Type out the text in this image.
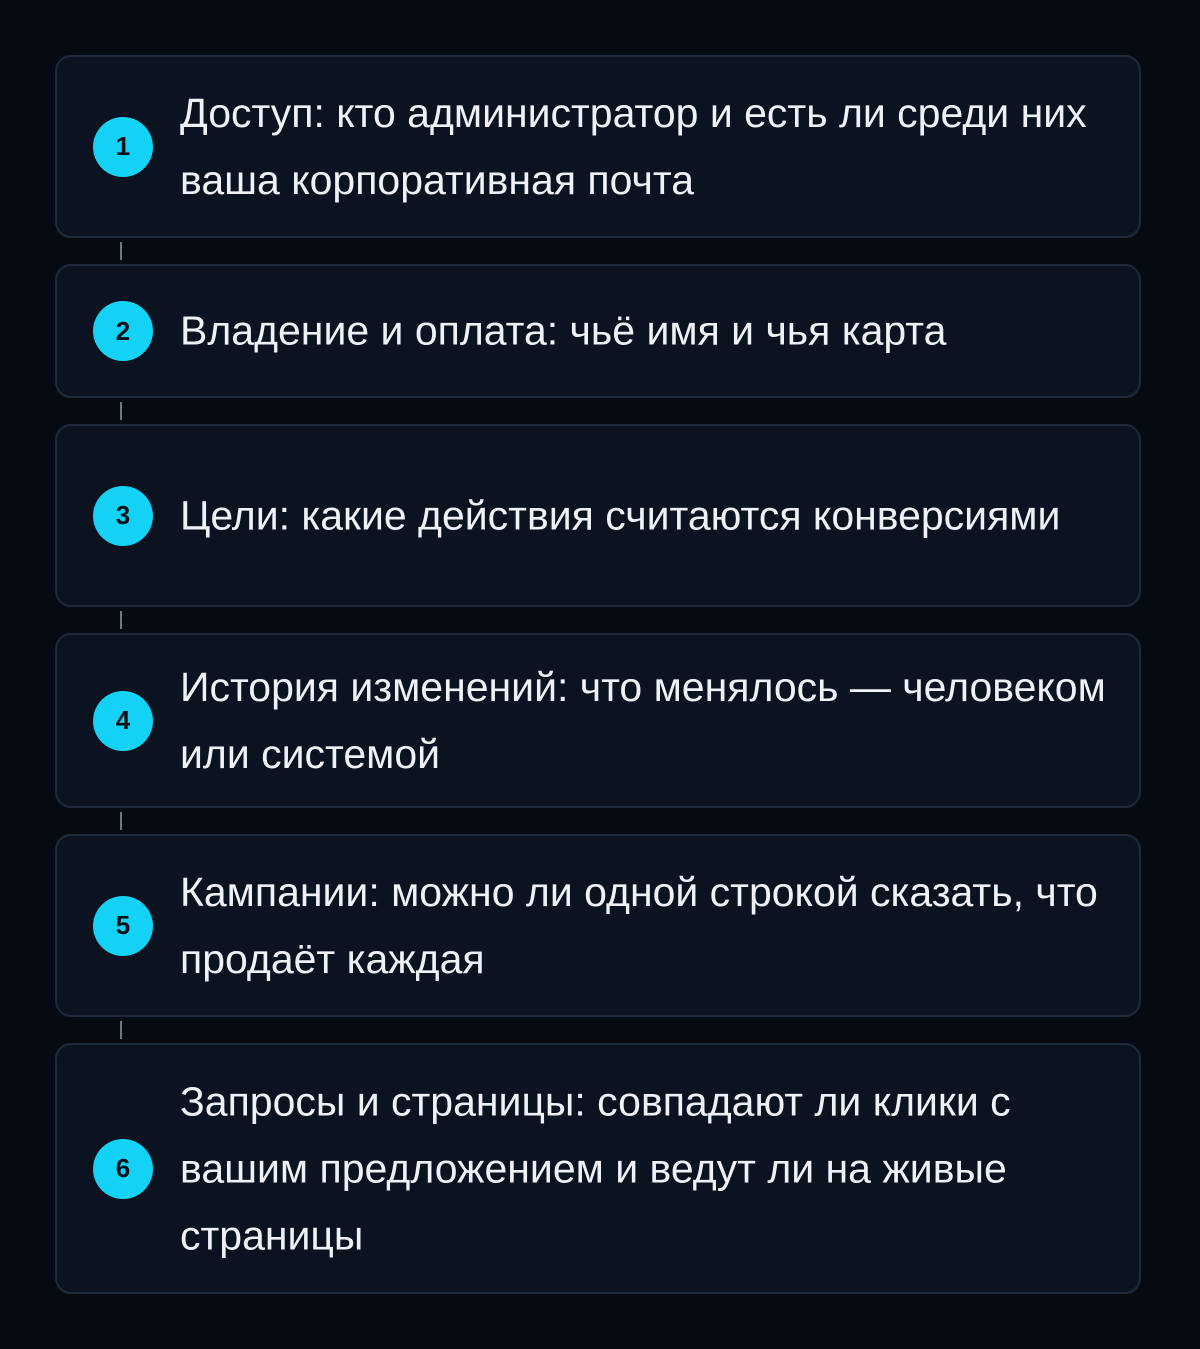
1
Доступ: кто администратор и есть ли среди них ваша корпоративная почта
2	Владение и оплата: чьё имя и чья карта
3	Цели: какие действия считаются конверсиями
4
История изменений: что менялось — человеком или системой
5
Кампании: можно ли одной строкой сказать, что продаёт каждая
6
Запросы и страницы: совпадают ли клики с вашим предложением и ведут ли на живые страницы
